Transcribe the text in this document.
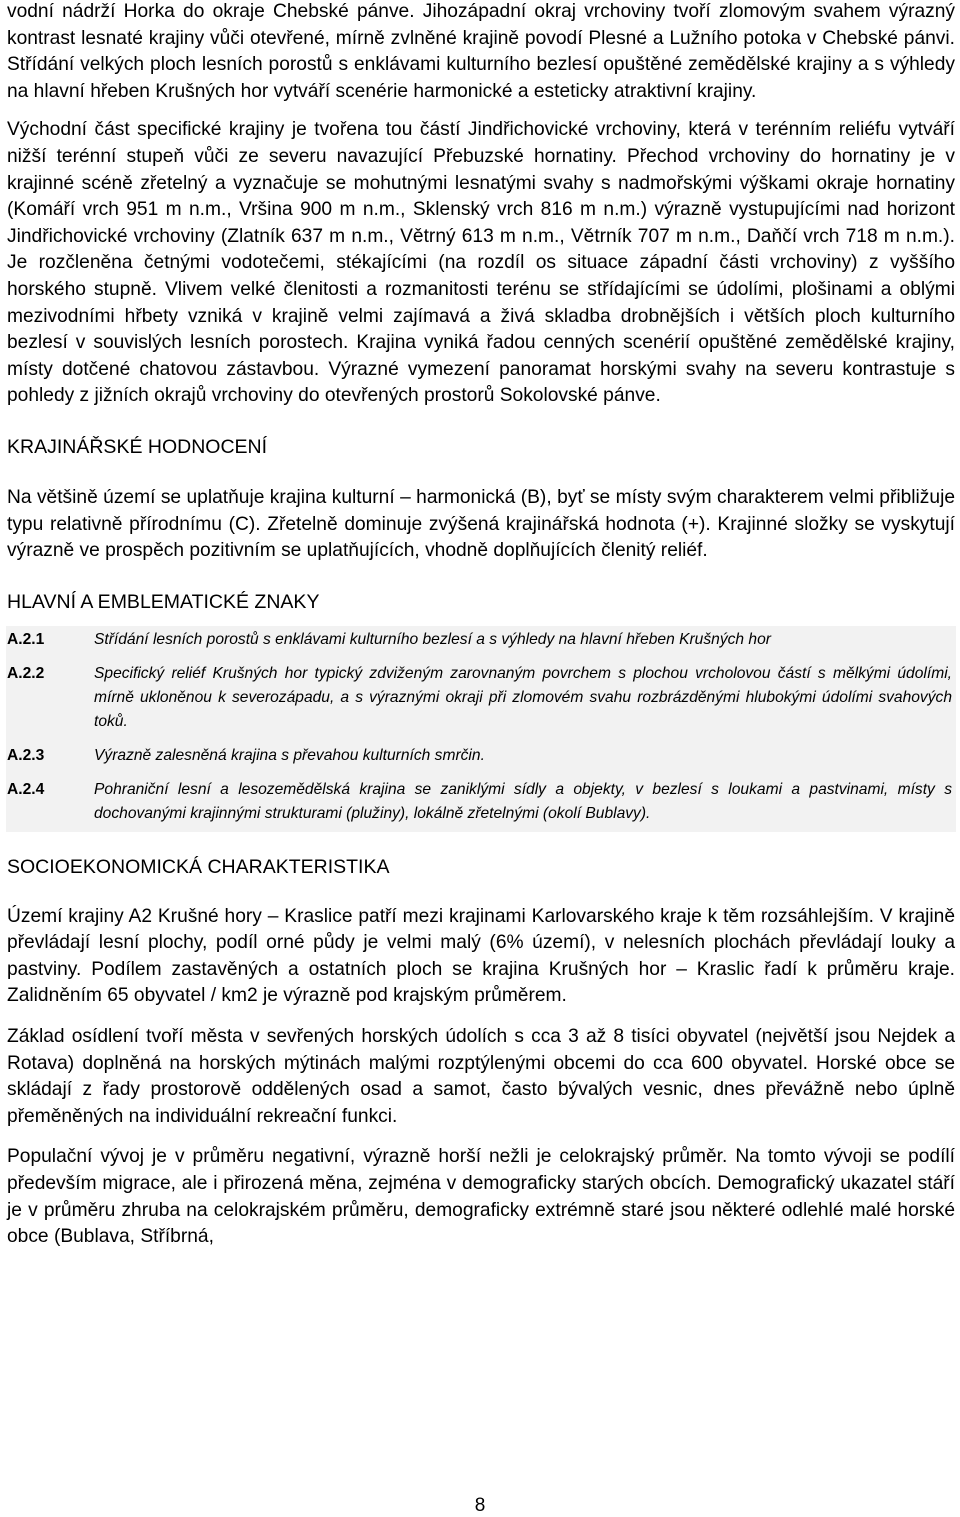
vodní nádrží Horka do okraje Chebské pánve. Jihozápadní okraj vrchoviny tvoří zlomovým svahem výrazný kontrast lesnaté krajiny vůči otevřené, mírně zvlněné krajině povodí Plesné a Lužního potoka v Chebské pánvi. Střídání velkých ploch lesních porostů s enklávami kulturního bezlesí opuštěné zemědělské krajiny a s výhledy na hlavní hřeben Krušných hor vytváří scenérie harmonické a esteticky atraktivní krajiny.

Východní část specifické krajiny je tvořena tou částí Jindřichovické vrchoviny, která v terénním reliéfu vytváří nižší terénní stupeň vůči ze severu navazující Přebuzské hornatiny. Přechod vrchoviny do hornatiny je v krajinné scéně zřetelný a vyznačuje se mohutnými lesnatými svahy s nadmořskými výškami okraje hornatiny (Komáří vrch 951 m n.m., Vršina 900 m n.m., Sklenský vrch 816 m n.m.) výrazně vystupujícími nad horizont Jindřichovické vrchoviny (Zlatník 637 m n.m., Větrný 613 m n.m., Větrník 707 m n.m., Daňčí vrch 718 m n.m.). Je rozčleněna četnými vodotečemi, stékajícími (na rozdíl os situace západní části vrchoviny) z vyššího horského stupně. Vlivem velké členitosti a rozmanitosti terénu se střídajícími se údolími, plošinami a oblými mezivodními hřbety vzniká v krajině velmi zajímavá a živá skladba drobnějších i větších ploch kulturního bezlesí v souvislých lesních porostech. Krajina vyniká řadou cenných scenérií opuštěné zemědělské krajiny, místy dotčené chatovou zástavbou. Výrazné vymezení panoramat horskými svahy na severu kontrastuje s pohledy z jižních okrajů vrchoviny do otevřených prostorů Sokolovské pánve.

KRAJINÁŘSKÉ HODNOCENÍ

Na většině území se uplatňuje krajina kulturní – harmonická (B), byť se místy svým charakterem velmi přibližuje typu relativně přírodnímu (C). Zřetelně dominuje zvýšená krajinářská hodnota (+). Krajinné složky se vyskytují výrazně ve prospěch pozitivním se uplatňujících, vhodně doplňujících členitý reliéf.

HLAVNÍ A EMBLEMATICKÉ ZNAKY
A.2.1	Střídání lesních porostů s enklávami kulturního bezlesí a s výhledy na hlavní hřeben Krušných hor
A.2.2	Specifický reliéf Krušných hor typický zdviženým zarovnaným povrchem s plochou vrcholovou částí s mělkými údolími, mírně ukloněnou k severozápadu, a s výraznými okraji při zlomovém svahu rozbrázděnými hlubokými údolími svahových toků.
A.2.3	Výrazně zalesněná krajina s převahou kulturních smrčin.
A.2.4	Pohraniční lesní a lesozemědělská krajina se zaniklými sídly a objekty, v bezlesí s loukami a pastvinami, místy s dochovanými krajinnými strukturami (plužiny), lokálně zřetelnými (okolí Bublavy).
SOCIOEKONOMICKÁ CHARAKTERISTIKA

Území krajiny A2 Krušné hory – Kraslice patří mezi krajinami Karlovarského kraje k těm rozsáhlejším. V krajině převládají lesní plochy, podíl orné půdy je velmi malý (6% území), v nelesních plochách převládají louky a pastviny. Podílem zastavěných a ostatních ploch se krajina Krušných hor – Kraslic řadí k průměru kraje. Zalidněním 65 obyvatel / km2 je výrazně pod krajským průměrem.

Základ osídlení tvoří města v sevřených horských údolích s cca 3 až 8 tisíci obyvatel (největší jsou Nejdek a Rotava) doplněná na horských mýtinách malými rozptýlenými obcemi do cca 600 obyvatel. Horské obce se skládají z řady prostorově oddělených osad a samot, často bývalých vesnic, dnes převážně nebo úplně přeměněných na individuální rekreační funkci.

Populační vývoj je v průměru negativní, výrazně horší nežli je celokrajský průměr. Na tomto vývoji se podílí především migrace, ale i přirozená měna, zejména v demograficky starých obcích. Demografický ukazatel stáří je v průměru zhruba na celokrajském průměru, demograficky extrémně staré jsou některé odlehlé malé horské obce (Bublava, Stříbrná,

8
